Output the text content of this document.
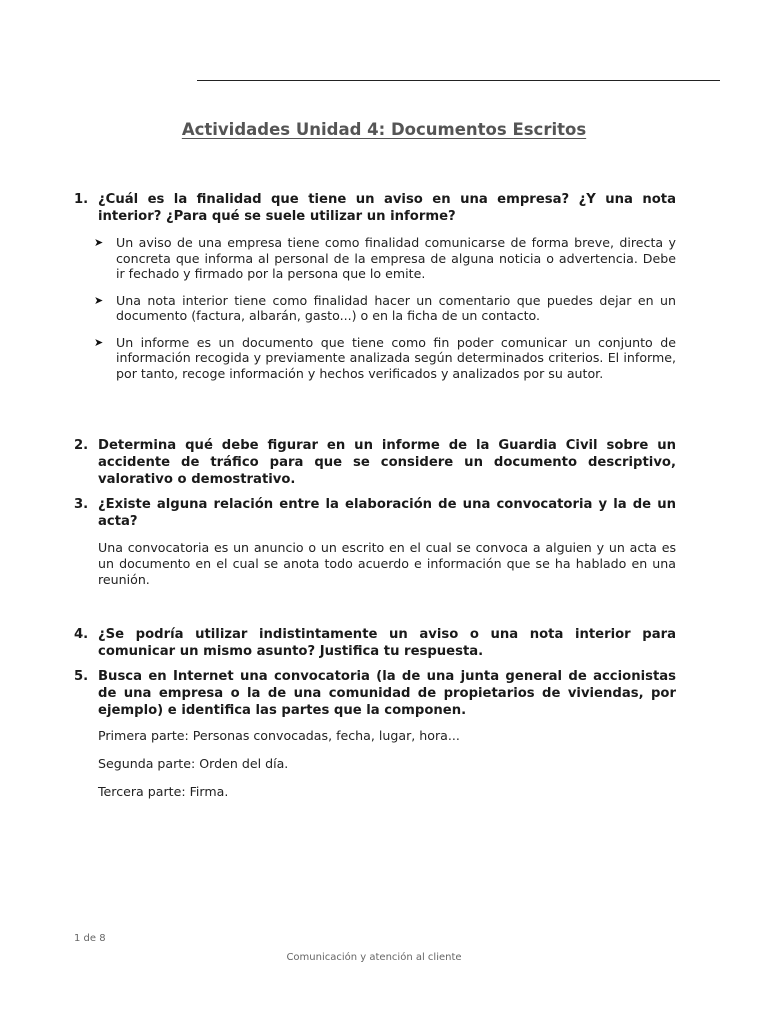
Actividades Unidad 4: Documentos Escritos
1. ¿Cuál es la finalidad que tiene un aviso en una empresa? ¿Y una nota interior? ¿Para qué se suele utilizar un informe?
➤ Un aviso de una empresa tiene como finalidad comunicarse de forma breve, directa y concreta que informa al personal de la empresa de alguna noticia o advertencia. Debe ir fechado y firmado por la persona que lo emite.
➤ Una nota interior tiene como finalidad hacer un comentario que puedes dejar en un documento (factura, albarán, gasto...) o en la ficha de un contacto.
➤ Un informe es un documento que tiene como fin poder comunicar un conjunto de información recogida y previamente analizada según determinados criterios. El informe, por tanto, recoge información y hechos verificados y analizados por su autor.
2. Determina qué debe figurar en un informe de la Guardia Civil sobre un accidente de tráfico para que se considere un documento descriptivo, valorativo o demostrativo.
3. ¿Existe alguna relación entre la elaboración de una convocatoria y la de un acta?

Una convocatoria es un anuncio o un escrito en el cual se convoca a alguien y un acta es un documento en el cual se anota todo acuerdo e información que se ha hablado en una reunión.

4. ¿Se podría utilizar indistintamente un aviso o una nota interior para comunicar un mismo asunto? Justifica tu respuesta.
5. Busca en Internet una convocatoria (la de una junta general de accionistas de una empresa o la de una comunidad de propietarios de viviendas, por ejemplo) e identifica las partes que la componen.

Primera parte: Personas convocadas, fecha, lugar, hora...

Segunda parte: Orden del día.

Tercera parte: Firma.

1 de 8

Comunicación y atención al cliente
